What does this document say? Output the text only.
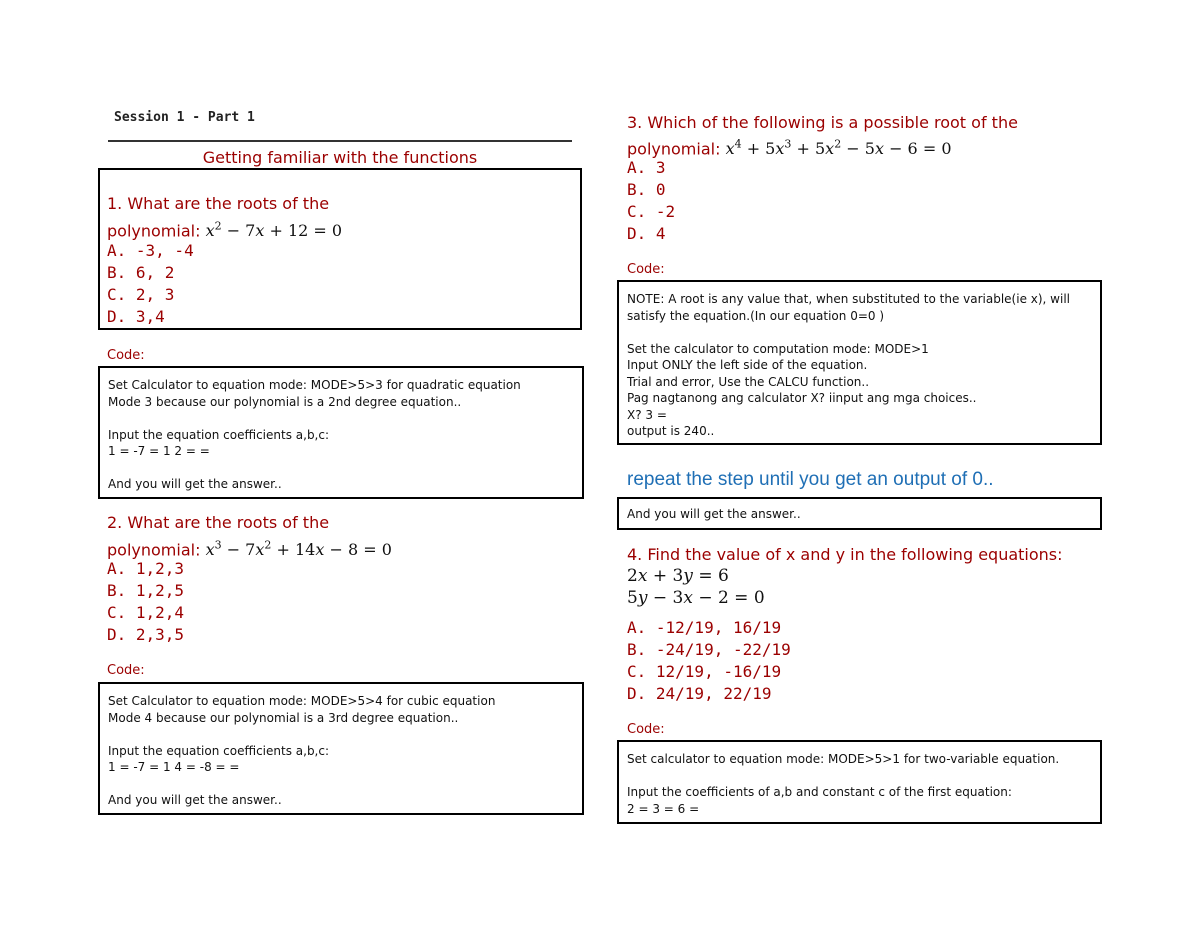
Session 1 - Part 1
Getting familiar with the functions
1. What are the roots of the
polynomial: $x^2 - 7x + 12 = 0$
A. -3, -4
B. 6, 2
C. 2, 3
D. 3,4
Code:
Set Calculator to equation mode: MODE>5>3 for quadratic equation
Mode 3 because our polynomial is a 2nd degree equation..

Input the equation coefficients a,b,c:
1 = -7 = 1 2 = =

And you will get the answer..
2. What are the roots of the
polynomial: $x^3 - 7x^2 + 14x - 8 = 0$
A. 1,2,3
B. 1,2,5
C. 1,2,4
D. 2,3,5
Code:
Set Calculator to equation mode: MODE>5>4 for cubic equation
Mode 4 because our polynomial is a 3rd degree equation..

Input the equation coefficients a,b,c:
1 = -7 = 1 4 = -8 = =

And you will get the answer..
3. Which of the following is a possible root of the
polynomial: $x^4 + 5x^3 + 5x^2 - 5x - 6 = 0$
A. 3
B. 0
C. -2
D. 4
Code:
NOTE: A root is any value that, when substituted to the variable(ie x), will
satisfy the equation.(In our equation 0=0 )

Set the calculator to computation mode: MODE>1
Input ONLY the left side of the equation.
Trial and error, Use the CALCU function..
Pag nagtanong ang calculator X? iinput ang mga choices..
X? 3 =
output is 240..
repeat the step until you get an output of 0..
And you will get the answer..
4. Find the value of x and y in the following equations:
2x + 3y = 6
5y − 3x − 2 = 0
A. -12/19, 16/19
B. -24/19, -22/19
C. 12/19, -16/19
D. 24/19, 22/19
Code:
Set calculator to equation mode: MODE>5>1 for two-variable equation.

Input the coefficients of a,b and constant c of the first equation:
2 = 3 = 6 =
